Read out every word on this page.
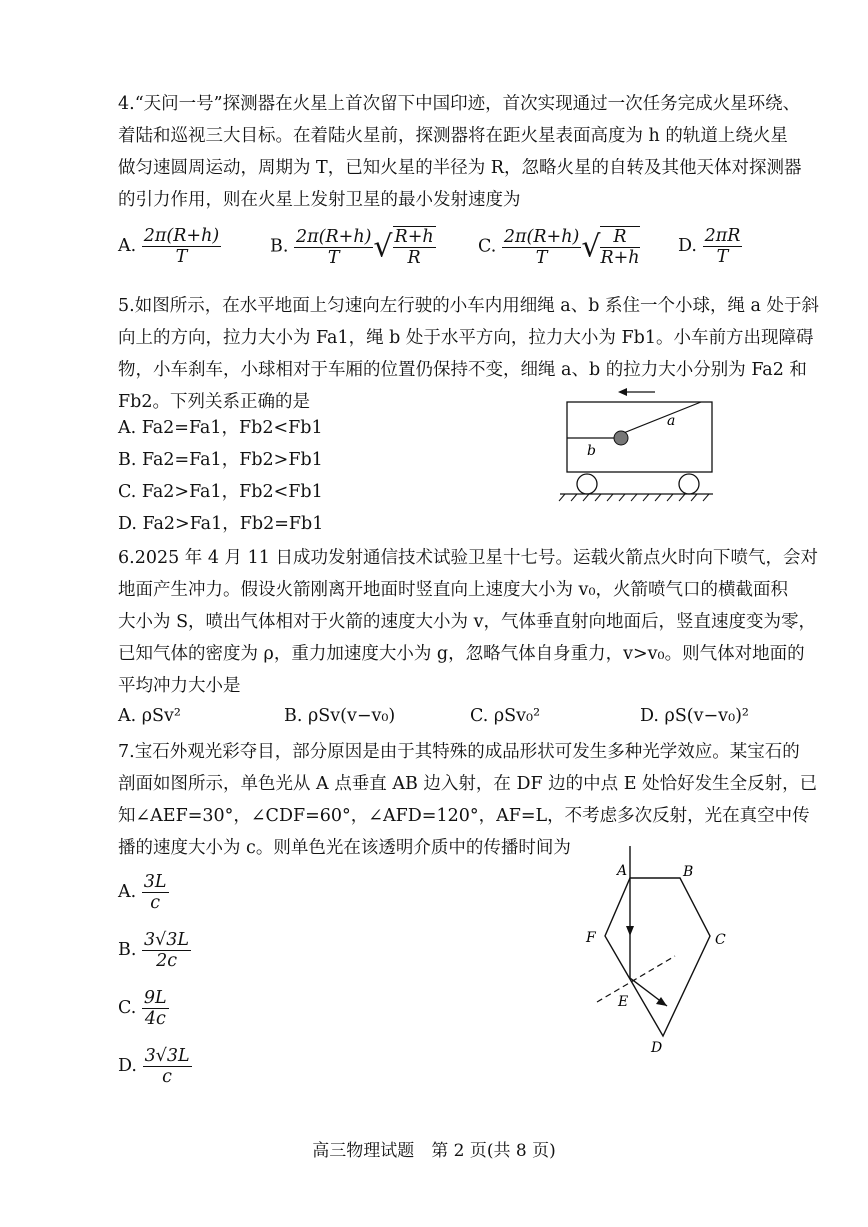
4.“天问一号”探测器在火星上首次留下中国印迹，首次实现通过一次任务完成火星环绕、
着陆和巡视三大目标。在着陆火星前，探测器将在距火星表面高度为 h 的轨道上绕火星
做匀速圆周运动，周期为 T，已知火星的半径为 R，忽略火星的自转及其他天体对探测器
的引力作用，则在火星上发射卫星的最小发射速度为
A. $\frac{2\pi(R+h)}{T}$	B. $\frac{2\pi(R+h)}{T}$ √ $\frac{R+h}{R} C$. $\frac{2\pi(R+h)}{T}$ √ $\frac{R}{R+h} D$. $\frac{2\pi R}{T}$
5.如图所示，在水平地面上匀速向左行驶的小车内用细绳 a、b 系住一个小球，绳 a 处于斜
向上的方向，拉力大小为 Fa1，绳 b 处于水平方向，拉力大小为 Fb1。小车前方出现障碍
物，小车刹车，小球相对于车厢的位置仍保持不变，细绳 a、b 的拉力大小分别为 Fa2 和
Fb2。下列关系正确的是
A. Fa2=Fa1，Fb2<Fb1
B. Fa2=Fa1，Fb2>Fb1
C. Fa2>Fa1，Fb2<Fb1
D. Fa2>Fa1，Fb2=Fb1
a
b
6.2025 年 4 月 11 日成功发射通信技术试验卫星十七号。运载火箭点火时向下喷气，会对
地面产生冲力。假设火箭刚离开地面时竖直向上速度大小为 v₀，火箭喷气口的横截面积
大小为 S，喷出气体相对于火箭的速度大小为 v，气体垂直射向地面后，竖直速度变为零，
已知气体的密度为 ρ，重力加速度大小为 g，忽略气体自身重力，v>v₀。则气体对地面的
平均冲力大小是
A. ρSv²	B. ρSv(v−v₀)	C. ρSv₀²	D. ρS(v−v₀)²
7.宝石外观光彩夺目，部分原因是由于其特殊的成品形状可发生多种光学效应。某宝石的
剖面如图所示，单色光从 A 点垂直 AB 边入射，在 DF 边的中点 E 处恰好发生全反射，已
知∠AEF=30°，∠CDF=60°，∠AFD=120°，AF=L，不考虑多次反射，光在真空中传
播的速度大小为 c。则单色光在该透明介质中的传播时间为
A. $\frac{3L}{c}$
B. $\frac{3√3L}{2c}$
C. $\frac{9L}{4c}$
D. $\frac{3√3L}{c}$
A	B
C
D
E
F
高三物理试题　第 2 页(共 8 页)
